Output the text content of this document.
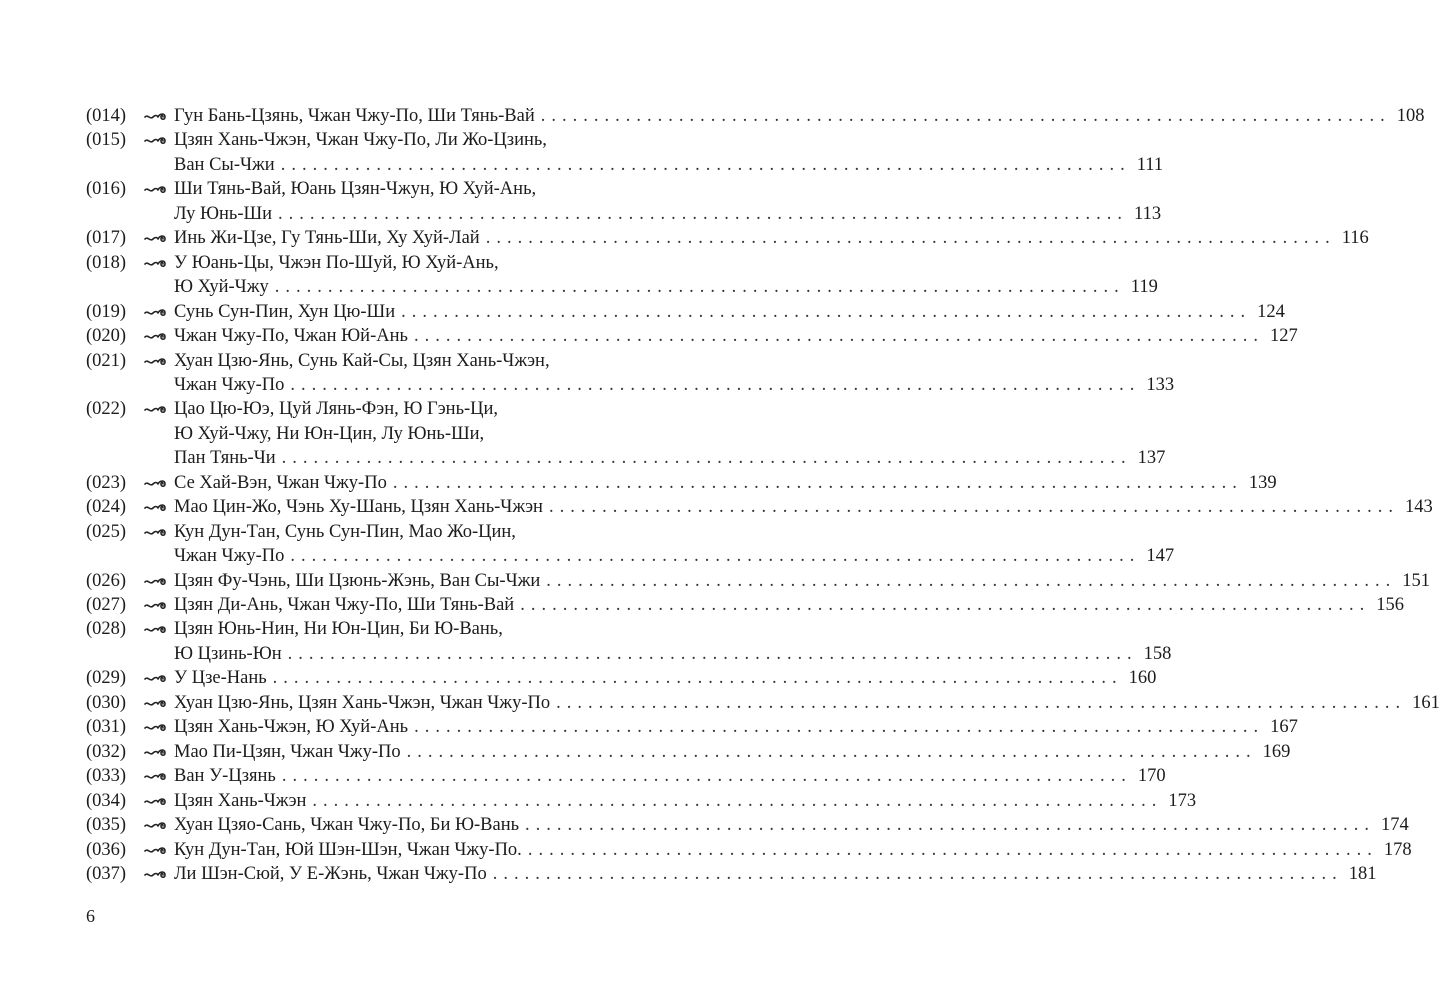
(014)	Гун Бань-Цзянь, Чжан Чжу-По, Ши Тянь-Вай ................................................................................ 108
(015)	Цзян Хань-Чжэн, Чжан Чжу-По, Ли Жо-Цзинь,
Ван Сы-Чжи ................................................................................ 111
(016)	Ши Тянь-Вай, Юань Цзян-Чжун, Ю Хуй-Ань,
Лу Юнь-Ши ................................................................................ 113
(017)	Инь Жи-Цзе, Гу Тянь-Ши, Ху Хуй-Лай ................................................................................ 116
(018)	У Юань-Цы, Чжэн По-Шуй, Ю Хуй-Ань,
Ю Хуй-Чжу ................................................................................ 119
(019)	Сунь Сун-Пин, Хун Цю-Ши ................................................................................ 124
(020)	Чжан Чжу-По, Чжан Юй-Ань ................................................................................ 127
(021)	Хуан Цзю-Янь, Сунь Кай-Сы, Цзян Хань-Чжэн,
Чжан Чжу-По ................................................................................ 133
(022)	Цао Цю-Юэ, Цуй Лянь-Фэн, Ю Гэнь-Ци,
Ю Хуй-Чжу, Ни Юн-Цин, Лу Юнь-Ши,
Пан Тянь-Чи ................................................................................ 137
(023)	Се Хай-Вэн, Чжан Чжу-По ................................................................................ 139
(024)	Мао Цин-Жо, Чэнь Ху-Шань, Цзян Хань-Чжэн ................................................................................ 143
(025)	Кун Дун-Тан, Сунь Сун-Пин, Мао Жо-Цин,
Чжан Чжу-По ................................................................................ 147
(026)	Цзян Фу-Чэнь, Ши Цзюнь-Жэнь, Ван Сы-Чжи ................................................................................ 151
(027)	Цзян Ди-Ань, Чжан Чжу-По, Ши Тянь-Вай ................................................................................ 156
(028)	Цзян Юнь-Нин, Ни Юн-Цин, Би Ю-Вань,
Ю Цзинь-Юн ................................................................................ 158
(029)	У Цзе-Нань ................................................................................ 160
(030)	Хуан Цзю-Янь, Цзян Хань-Чжэн, Чжан Чжу-По ................................................................................ 161
(031)	Цзян Хань-Чжэн, Ю Хуй-Ань ................................................................................ 167
(032)	Мао Пи-Цзян, Чжан Чжу-По ................................................................................ 169
(033)	Ван У-Цзянь ................................................................................ 170
(034)	Цзян Хань-Чжэн ................................................................................ 173
(035)	Хуан Цзяо-Сань, Чжан Чжу-По, Би Ю-Вань ................................................................................ 174
(036)	Кун Дун-Тан, Юй Шэн-Шэн, Чжан Чжу-По. ................................................................................ 178
(037)	Ли Шэн-Сюй, У Е-Жэнь, Чжан Чжу-По ................................................................................ 181
6
